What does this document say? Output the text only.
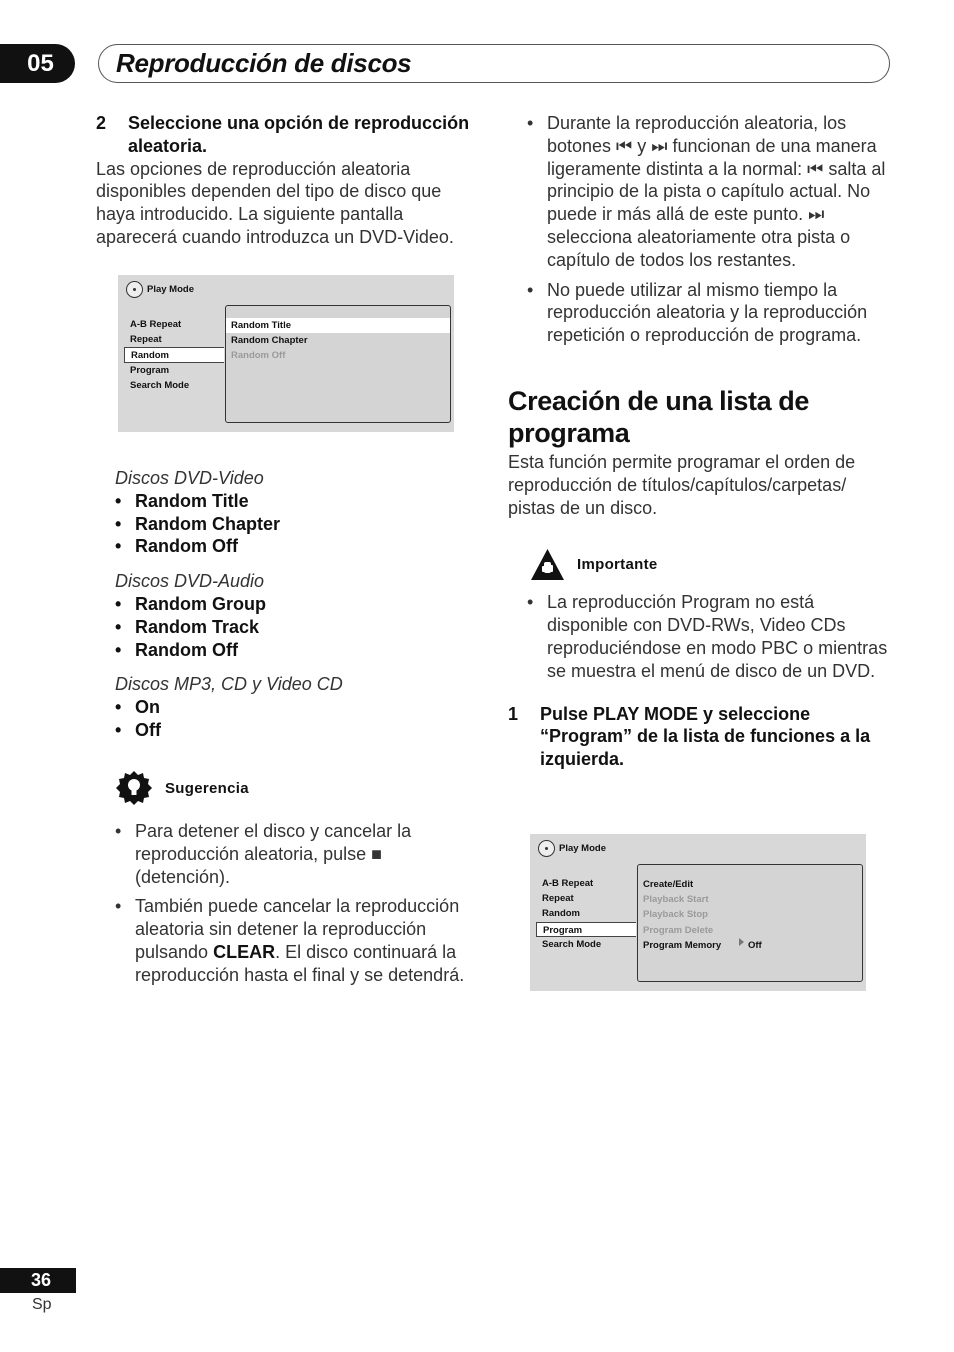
05	Reproducción de discos
2	Seleccione una opción de reproducción aleatoria.

Las opciones de reproducción aleatoria disponibles dependen del tipo de disco que haya introducido. La siguiente pantalla aparecerá cuando introduzca un DVD-Video.

Play Mode
A-B Repeat
Repeat
Random
Program
Search Mode
Random Title
Random Chapter
Random Off
Discos DVD-Video
• Random Title
• Random Chapter
• Random Off
Discos DVD-Audio
• Random Group
• Random Track
• Random Off
Discos MP3, CD y Video CD
• On
• Off
Sugerencia
• Para detener el disco y cancelar la reproducción aleatoria, pulse ■ (detención).
• También puede cancelar la reproducción aleatoria sin detener la reproducción pulsando CLEAR. El disco continuará la reproducción hasta el final y se detendrá.
• Durante la reproducción aleatoria, los botones ⏮ y ⏭ funcionan de una manera ligeramente distinta a la normal: ⏮ salta al principio de la pista o capítulo actual. No puede ir más allá de este punto. ⏭ selecciona aleatoriamente otra pista o capítulo de todos los restantes.
• No puede utilizar al mismo tiempo la reproducción aleatoria y la reproducción repetición o reproducción de programa.
Creación de una lista de programa

Esta función permite programar el orden de reproducción de títulos/capítulos/carpetas/ pistas de un disco.

Importante
• La reproducción Program no está disponible con DVD-RWs, Video CDs reproduciéndose en modo PBC o mientras se muestra el menú de disco de un DVD.
1	Pulse PLAY MODE y seleccione “Program” de la lista de funciones a la izquierda.
Play Mode
A-B Repeat
Repeat
Random
Program
Search Mode
Create/Edit
Playback Start
Playback Stop
Program Delete
Program Memory	Off
36
Sp
